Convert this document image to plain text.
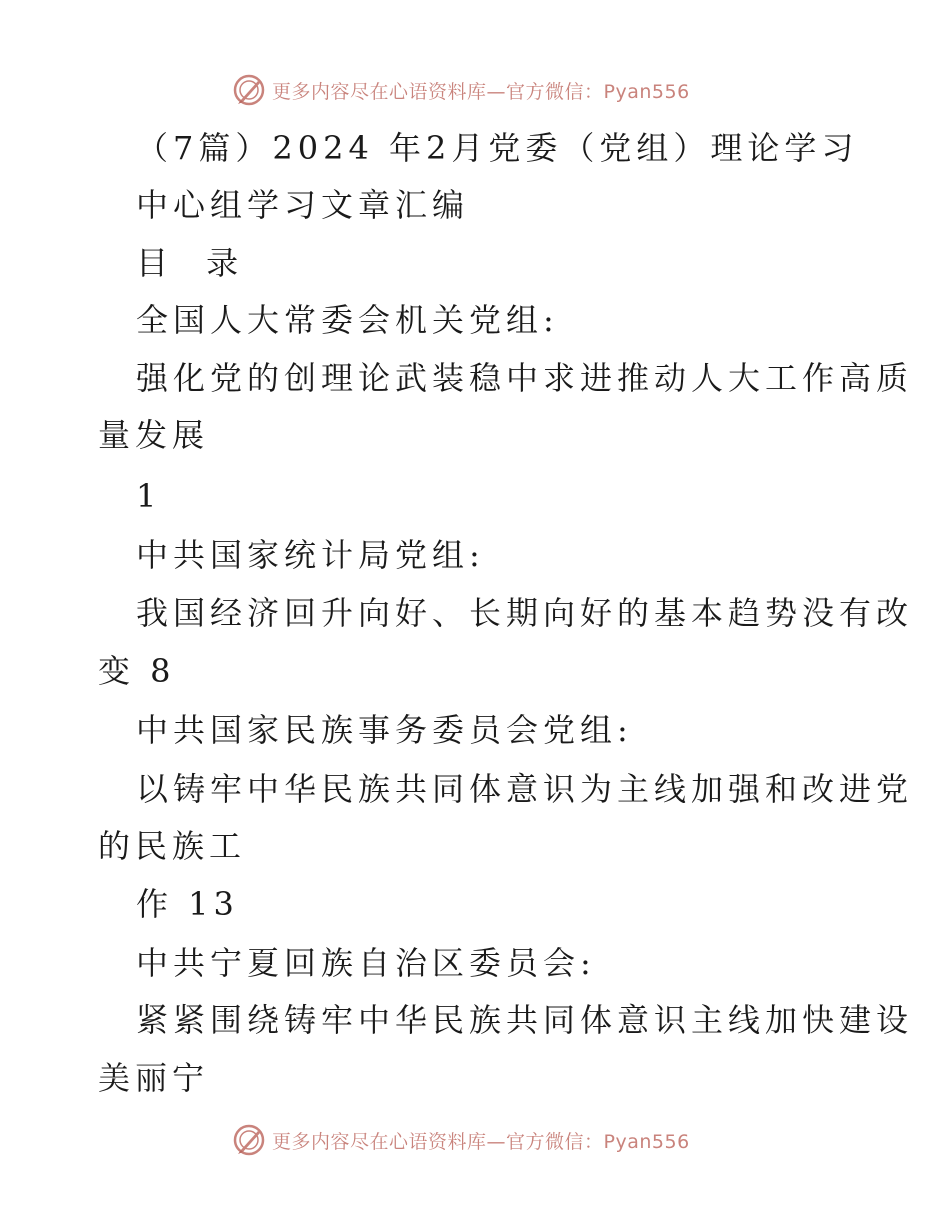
更多内容尽在心语资料库—官方微信：Pyan556
（7篇）2024 年2月党委（党组）理论学习
中心组学习文章汇编
目 录
全国人大常委会机关党组:
强化党的创理论武装稳中求进推动人大工作高质
量发展
1
中共国家统计局党组:
我国经济回升向好、长期向好的基本趋势没有改
变 8
中共国家民族事务委员会党组:
以铸牢中华民族共同体意识为主线加强和改进党
的民族工
作 13
中共宁夏回族自治区委员会:
紧紧围绕铸牢中华民族共同体意识主线加快建设
美丽宁
更多内容尽在心语资料库—官方微信：Pyan556
